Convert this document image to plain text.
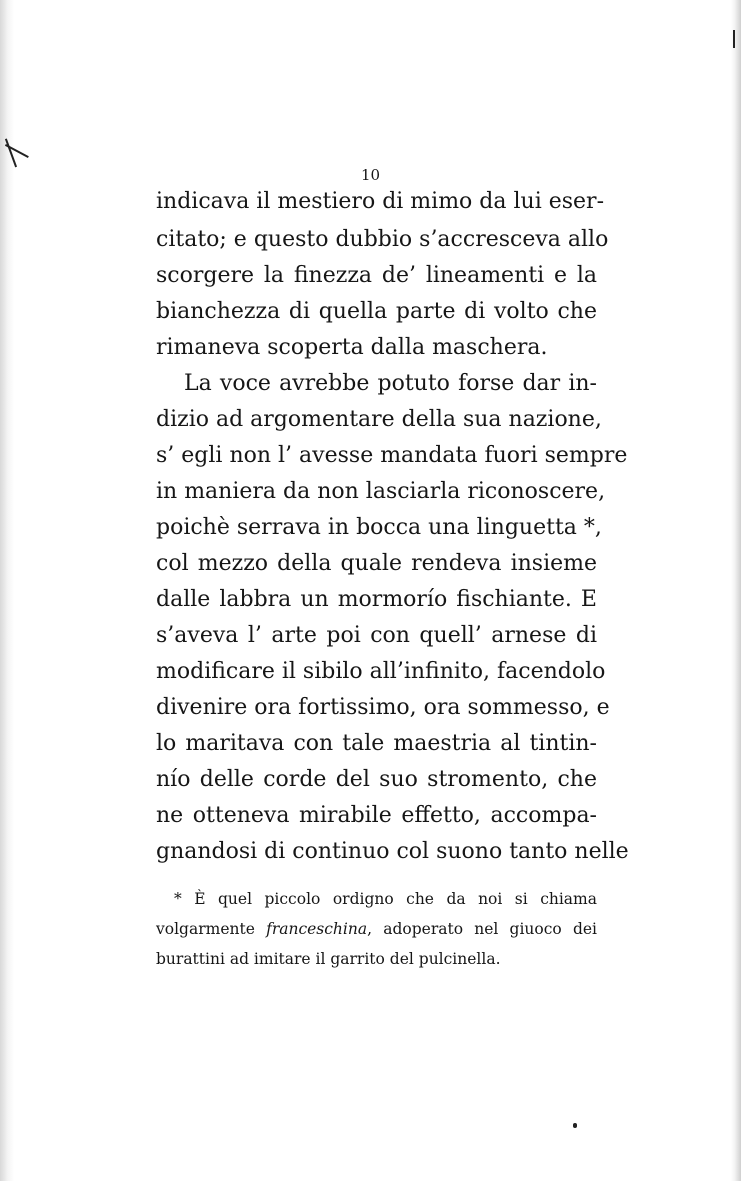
10
indicava il mestiero di mimo da lui eser-
citato; e questo dubbio s’accresceva allo
scorgere la finezza de’ lineamenti e la
bianchezza di quella parte di volto che
rimaneva scoperta dalla maschera.
La voce avrebbe potuto forse dar in-
dizio ad argomentare della sua nazione,
s’ egli non l’ avesse mandata fuori sempre
in maniera da non lasciarla riconoscere,
poichè serrava in bocca una linguetta *,
col mezzo della quale rendeva insieme
dalle labbra un mormorío fischiante. E
s’aveva l’ arte poi con quell’ arnese di
modificare il sibilo all’infinito, facendolo
divenire ora fortissimo, ora sommesso, e
lo maritava con tale maestria al tintin-
nío delle corde del suo stromento, che
ne otteneva mirabile effetto, accompa-
gnandosi di continuo col suono tanto nelle
* È quel piccolo ordigno che da noi si chiama
volgarmente franceschina, adoperato nel giuoco dei
burattini ad imitare il garrito del pulcinella.
